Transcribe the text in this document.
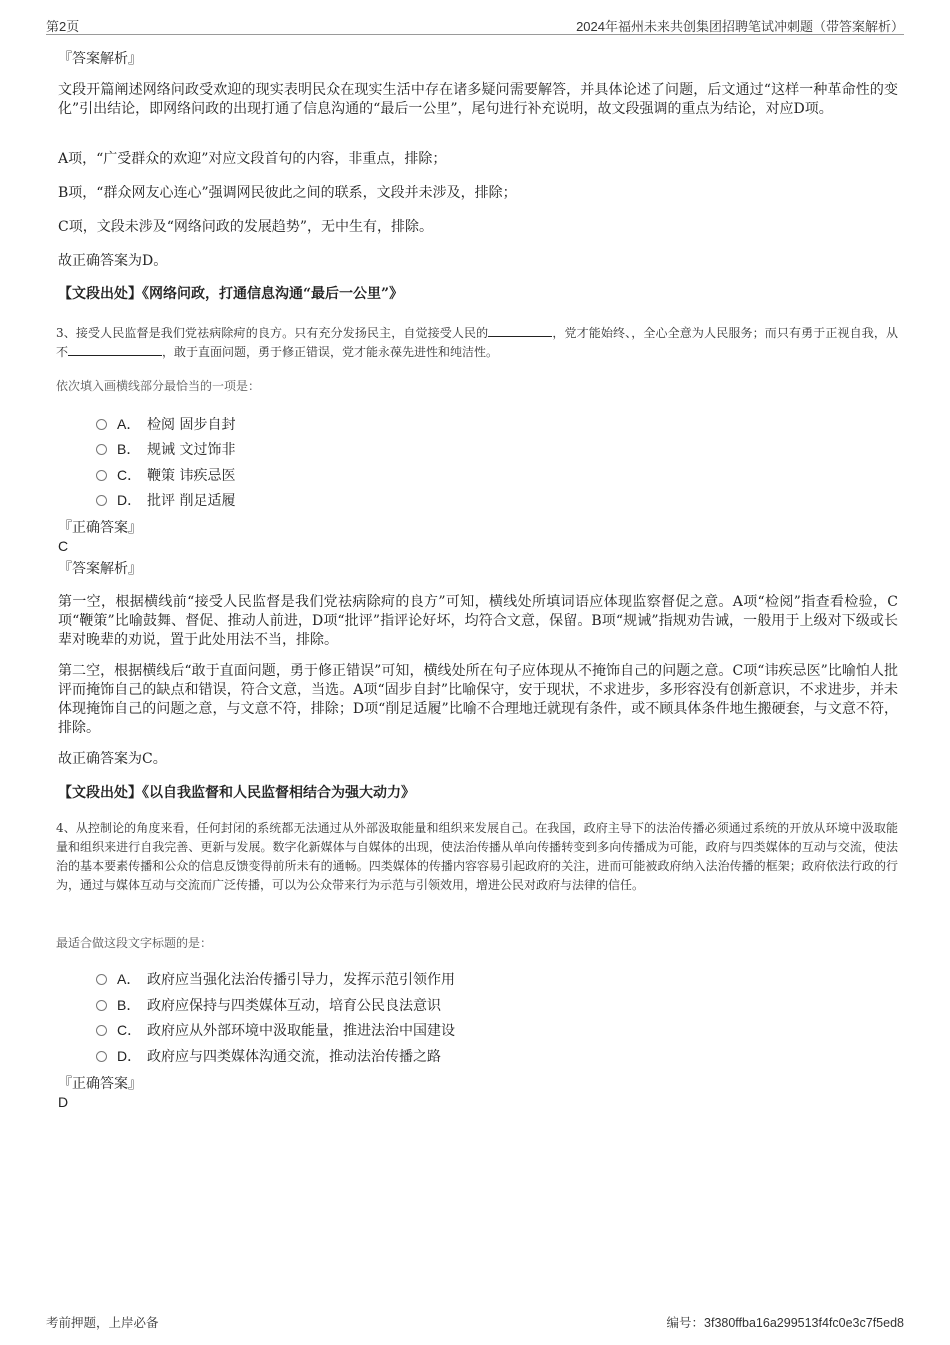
第2页	2024年福州未来共创集团招聘笔试冲刺题（带答案解析）
『答案解析』

文段开篇阐述网络问政受欢迎的现实表明民众在现实生活中存在诸多疑问需要解答，并具体论述了问题，后文通过“这样一种革命性的变化”引出结论，即网络问政的出现打通了信息沟通的“最后一公里”，尾句进行补充说明，故文段强调的重点为结论，对应D项。

A项，“广受群众的欢迎”对应文段首句的内容，非重点，排除；

B项，“群众网友心连心”强调网民彼此之间的联系，文段并未涉及，排除；

C项，文段未涉及“网络问政的发展趋势”，无中生有，排除。

故正确答案为D。

【文段出处】《网络问政，打通信息沟通“最后一公里”》

3、接受人民监督是我们党祛病除疴的良方。只有充分发扬民主，自觉接受人民的	，党才能始终、，全心全意为人民服务；而只有勇于正视自我，从不	，敢于直面问题，勇于修正错误，党才能永葆先进性和纯洁性。

依次填入画横线部分最恰当的一项是：

A． 检阅 固步自封
B． 规诫 文过饰非
C． 鞭策 讳疾忌医
D． 批评 削足适履
『正确答案』
C
『答案解析』

第一空，根据横线前“接受人民监督是我们党祛病除疴的良方”可知，横线处所填词语应体现监察督促之意。A项“检阅”指查看检验，C项“鞭策”比喻鼓舞、督促、推动人前进，D项“批评”指评论好坏，均符合文意，保留。B项“规诫”指规劝告诫，一般用于上级对下级或长辈对晚辈的劝说，置于此处用法不当，排除。

第二空，根据横线后“敢于直面问题，勇于修正错误”可知，横线处所在句子应体现从不掩饰自己的问题之意。C项“讳疾忌医”比喻怕人批评而掩饰自己的缺点和错误，符合文意，当选。A项“固步自封”比喻保守，安于现状，不求进步，多形容没有创新意识，不求进步，并未体现掩饰自己的问题之意，与文意不符，排除；D项“削足适履”比喻不合理地迁就现有条件，或不顾具体条件地生搬硬套，与文意不符，排除。

故正确答案为C。

【文段出处】《以自我监督和人民监督相结合为强大动力》

4、从控制论的角度来看，任何封闭的系统都无法通过从外部汲取能量和组织来发展自己。在我国，政府主导下的法治传播必须通过系统的开放从环境中汲取能量和组织来进行自我完善、更新与发展。数字化新媒体与自媒体的出现，使法治传播从单向传播转变到多向传播成为可能，政府与四类媒体的互动与交流，使法治的基本要素传播和公众的信息反馈变得前所未有的通畅。四类媒体的传播内容容易引起政府的关注，进而可能被政府纳入法治传播的框架；政府依法行政的行为，通过与媒体互动与交流而广泛传播，可以为公众带来行为示范与引领效用，增进公民对政府与法律的信任。

最适合做这段文字标题的是：

A． 政府应当强化法治传播引导力，发挥示范引领作用
B． 政府应保持与四类媒体互动，培育公民良法意识
C． 政府应从外部环境中汲取能量，推进法治中国建设
D． 政府应与四类媒体沟通交流，推动法治传播之路
『正确答案』
D
考前押题，上岸必备	编号：3f380ffba16a299513f4fc0e3c7f5ed8
